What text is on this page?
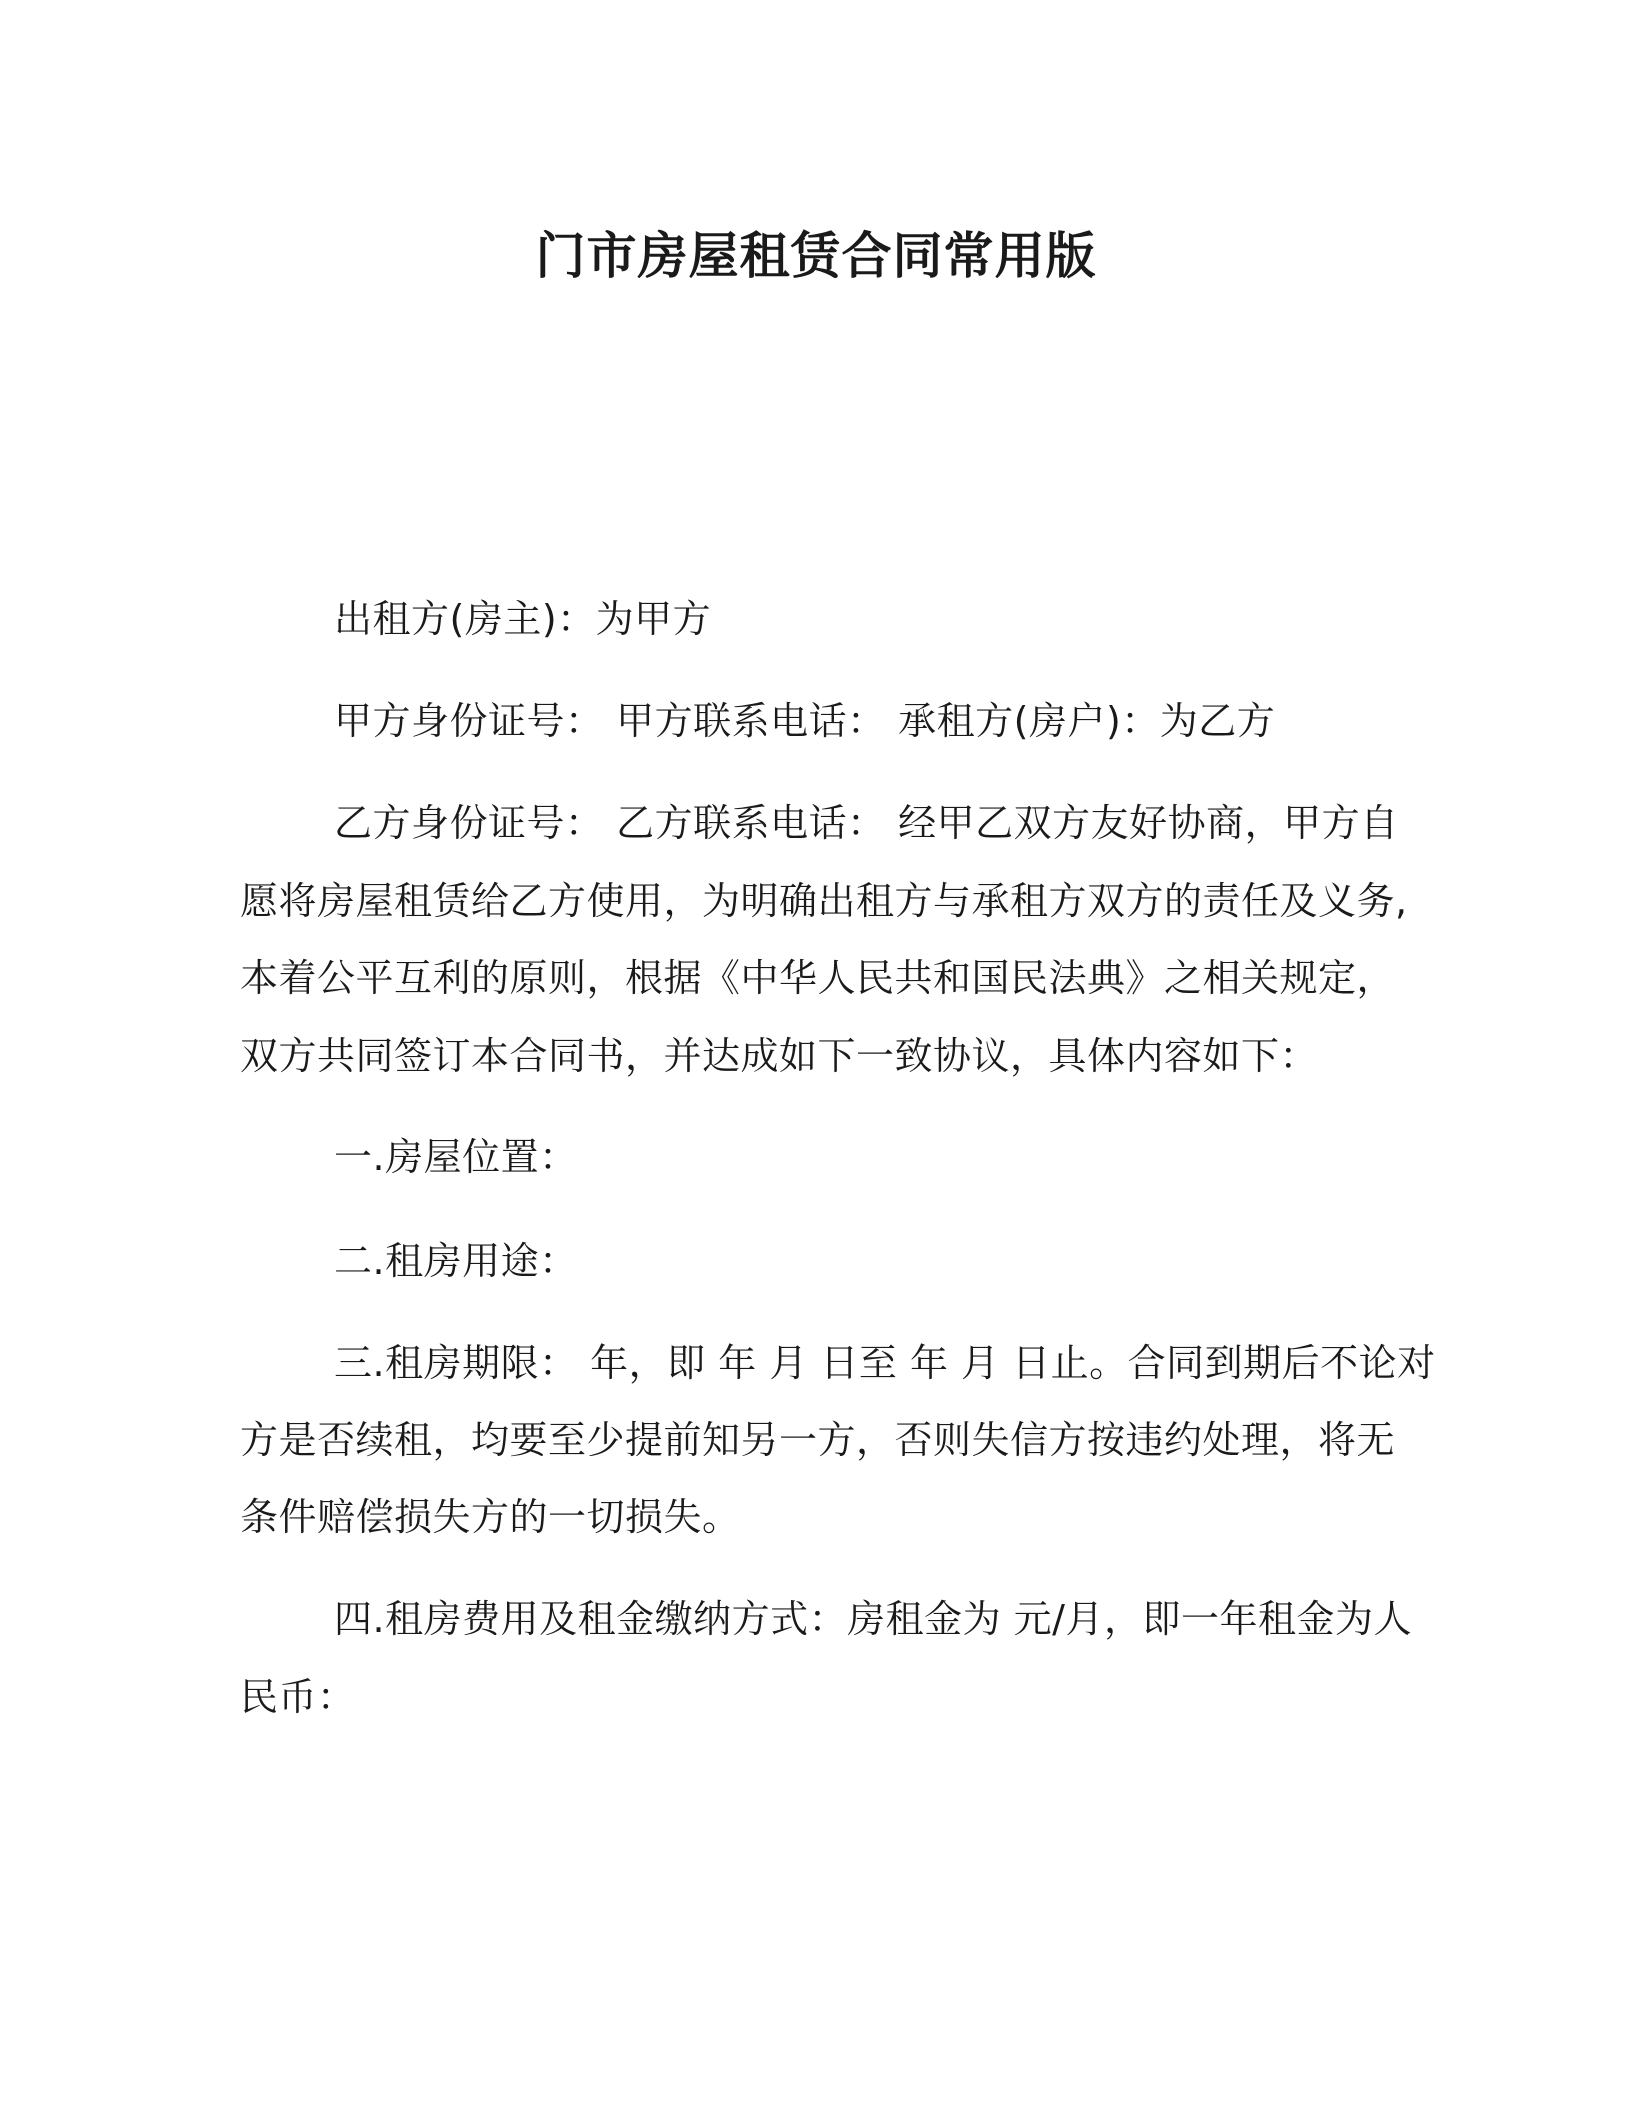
门市房屋租赁合同常用版

出租方(房主)：为甲方

甲方身份证号： 甲方联系电话： 承租方(房户)：为乙方

乙方身份证号： 乙方联系电话： 经甲乙双方友好协商，甲方自

愿将房屋租赁给乙方使用，为明确出租方与承租方双方的责任及义务,

本着公平互利的原则，根据《中华人民共和国民法典》之相关规定，

双方共同签订本合同书，并达成如下一致协议，具体内容如下：

一.房屋位置：

二.租房用途：

三.租房期限： 年，即 年 月 日至 年 月 日止。合同到期后不论对

方是否续租，均要至少提前知另一方，否则失信方按违约处理，将无

条件赔偿损失方的一切损失。

四.租房费用及租金缴纳方式：房租金为 元/月，即一年租金为人

民币：
